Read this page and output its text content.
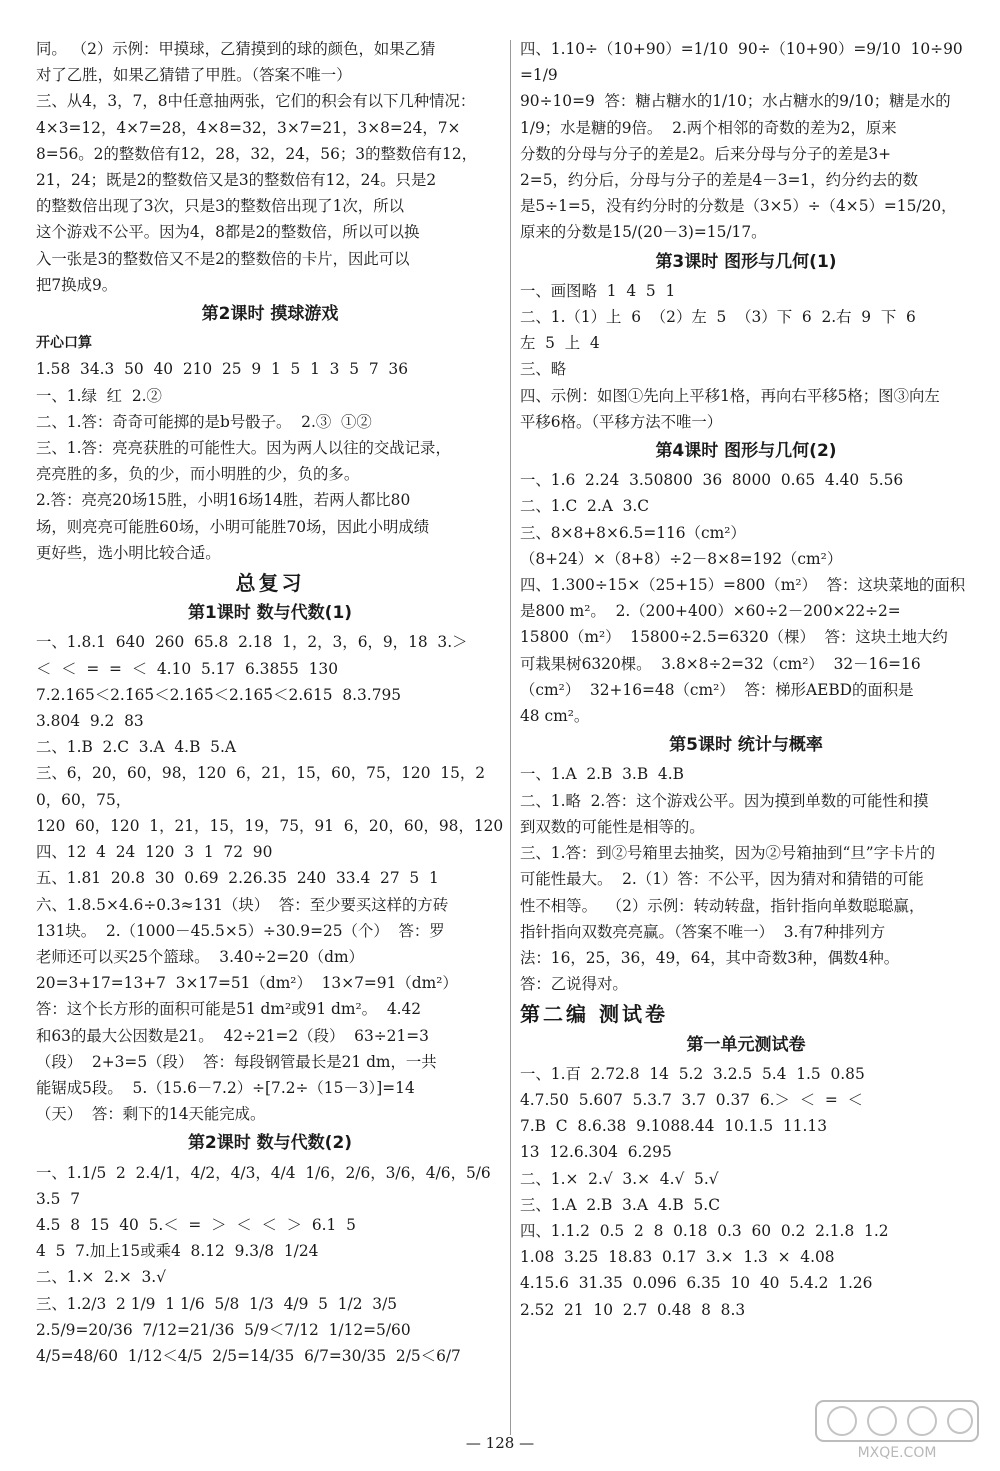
同。 （2）示例：甲摸球，乙猜摸到的球的颜色，如果乙猜
对了乙胜，如果乙猜错了甲胜。（答案不唯一）
三、从4，3，7，8中任意抽两张，它们的积会有以下几种情况：
4×3=12，4×7=28，4×8=32，3×7=21，3×8=24，7×
8=56。2的整数倍有12，28，32，24，56；3的整数倍有12，
21，24；既是2的整数倍又是3的整数倍有12，24。只是2
的整数倍出现了3次，只是3的整数倍出现了1次，所以
这个游戏不公平。因为4，8都是2的整数倍，所以可以换
入一张是3的整数倍又不是2的整数倍的卡片，因此可以
把7换成9。
第2课时 摸球游戏
开心口算
1.58  34.3  50  40  210  25  9  1  5  1  3  5  7  36
一、1.绿  红  2.②
二、1.答：奇奇可能掷的是b号骰子。  2.③  ①②
三、1.答：亮亮获胜的可能性大。因为两人以往的交战记录，
亮亮胜的多，负的少，而小明胜的少，负的多。
2.答：亮亮20场15胜，小明16场14胜，若两人都比80
场，则亮亮可能胜60场，小明可能胜70场，因此小明成绩
更好些，选小明比较合适。
总复习
第1课时 数与代数(1)
一、1.8.1  640  260  65.8  2.18  1，2，3，6，9，18  3.＞
＜  ＜  =  =  ＜  4.10  5.17  6.3855  130
7.2.165＜2.1̇65̇＜2.16̇5̇＜2.165̇＜2.615  8.3.795
3.804  9.2  83
二、1.B  2.C  3.A  4.B  5.A
三、6，20，60，98，120  6，21，15，60，75，120  15，20，60，75，
120  60，120  1，21，15，19，75，91  6，20，60，98，120
四、12  4  24  120  3  1  72  90
五、1.81  20.8  30  0.69  2.26.35  240  33.4  27  5  1
六、1.8.5×4.6÷0.3≈131（块）  答：至少要买这样的方砖
131块。  2.（1000－45.5×5）÷30.9=25（个）  答：罗
老师还可以买25个篮球。  3.40÷2=20（dm）
20=3+17=13+7  3×17=51（dm²）  13×7=91（dm²）
答：这个长方形的面积可能是51 dm²或91 dm²。  4.42
和63的最大公因数是21。  42÷21=2（段）  63÷21=3
（段）  2+3=5（段）  答：每段钢管最长是21 dm，一共
能锯成5段。  5.（15.6－7.2）÷[7.2÷（15－3）]=14
（天）  答：剩下的14天能完成。
第2课时 数与代数(2)
一、1.1/5  2  2.4/1，4/2，4/3，4/4  1/6，2/6，3/6，4/6，5/6  3.5  7
4.5  8  15  40  5.＜  =  ＞  ＜  ＜  ＞  6.1  5
4  5  7.加上15或乘4  8.12  9.3/8  1/24
二、1.×  2.×  3.√
三、1.2/3  2 1/9  1 1/6  5/8  1/3  4/9  5  1/2  3/5
2.5/9=20/36  7/12=21/36  5/9＜7/12  1/12=5/60
4/5=48/60  1/12＜4/5  2/5=14/35  6/7=30/35  2/5＜6/7
四、1.10÷（10+90）=1/10  90÷（10+90）=9/10  10÷90=1/9
90÷10=9  答：糖占糖水的1/10；水占糖水的9/10；糖是水的
1/9；水是糖的9倍。  2.两个相邻的奇数的差为2，原来
分数的分母与分子的差是2。后来分母与分子的差是3+
2=5，约分后，分母与分子的差是4－3=1，约分约去的数
是5÷1=5，没有约分时的分数是（3×5）÷（4×5）=15/20，
原来的分数是15/(20－3)=15/17。
第3课时 图形与几何(1)
一、画图略  1  4  5  1
二、1.（1）上  6  （2）左  5  （3）下  6  2.右  9  下  6
左  5  上  4
三、略
四、示例：如图①先向上平移1格，再向右平移5格；图③向左
平移6格。（平移方法不唯一）
第4课时 图形与几何(2)
一、1.6  2.24  3.50800  36  8000  0.65  4.40  5.56
二、1.C  2.A  3.C
三、8×8+8×6.5=116（cm²）
（8+24）×（8+8）÷2－8×8=192（cm²）
四、1.300÷15×（25+15）=800（m²）  答：这块菜地的面积
是800 m²。  2.（200+400）×60÷2－200×22÷2=
15800（m²）  15800÷2.5=6320（棵）  答：这块土地大约
可栽果树6320棵。  3.8×8÷2=32（cm²）  32－16=16
（cm²）  32+16=48（cm²）  答：梯形AEBD的面积是
48 cm²。
第5课时 统计与概率
一、1.A  2.B  3.B  4.B
二、1.略  2.答：这个游戏公平。因为摸到单数的可能性和摸
到双数的可能性是相等的。
三、1.答：到②号箱里去抽奖，因为②号箱抽到“旦”字卡片的
可能性最大。  2.（1）答：不公平，因为猜对和猜错的可能
性不相等。  （2）示例：转动转盘，指针指向单数聪聪赢，
指针指向双数亮亮赢。（答案不唯一）  3.有7种排列方
法：16，25，36，49，64，其中奇数3种，偶数4种。
答：乙说得对。
第二编 测试卷
第一单元测试卷
一、1.百  2.72.8  14  5.2  3.2.5  5.4  1.5  0.85
4.7.50  5.607  5.3.7  3.7  0.37  6.＞  ＜  =  ＜
7.B  C  8.6.38  9.1088.44  10.1.5  11.13
13  12.6.304  6.295
二、1.×  2.√  3.×  4.√  5.√
三、1.A  2.B  3.A  4.B  5.C
四、1.1.2  0.5  2  8  0.18  0.3  60  0.2  2.1.8  1.2
1.08  3.25  18.83  0.17  3.×  1.3  ×  4.08
4.15.6  31.35  0.096  6.35  10  40  5.4.2  1.26
2.52  21  10  2.7  0.48  8  8.3
— 128 —
MXQE.COM
